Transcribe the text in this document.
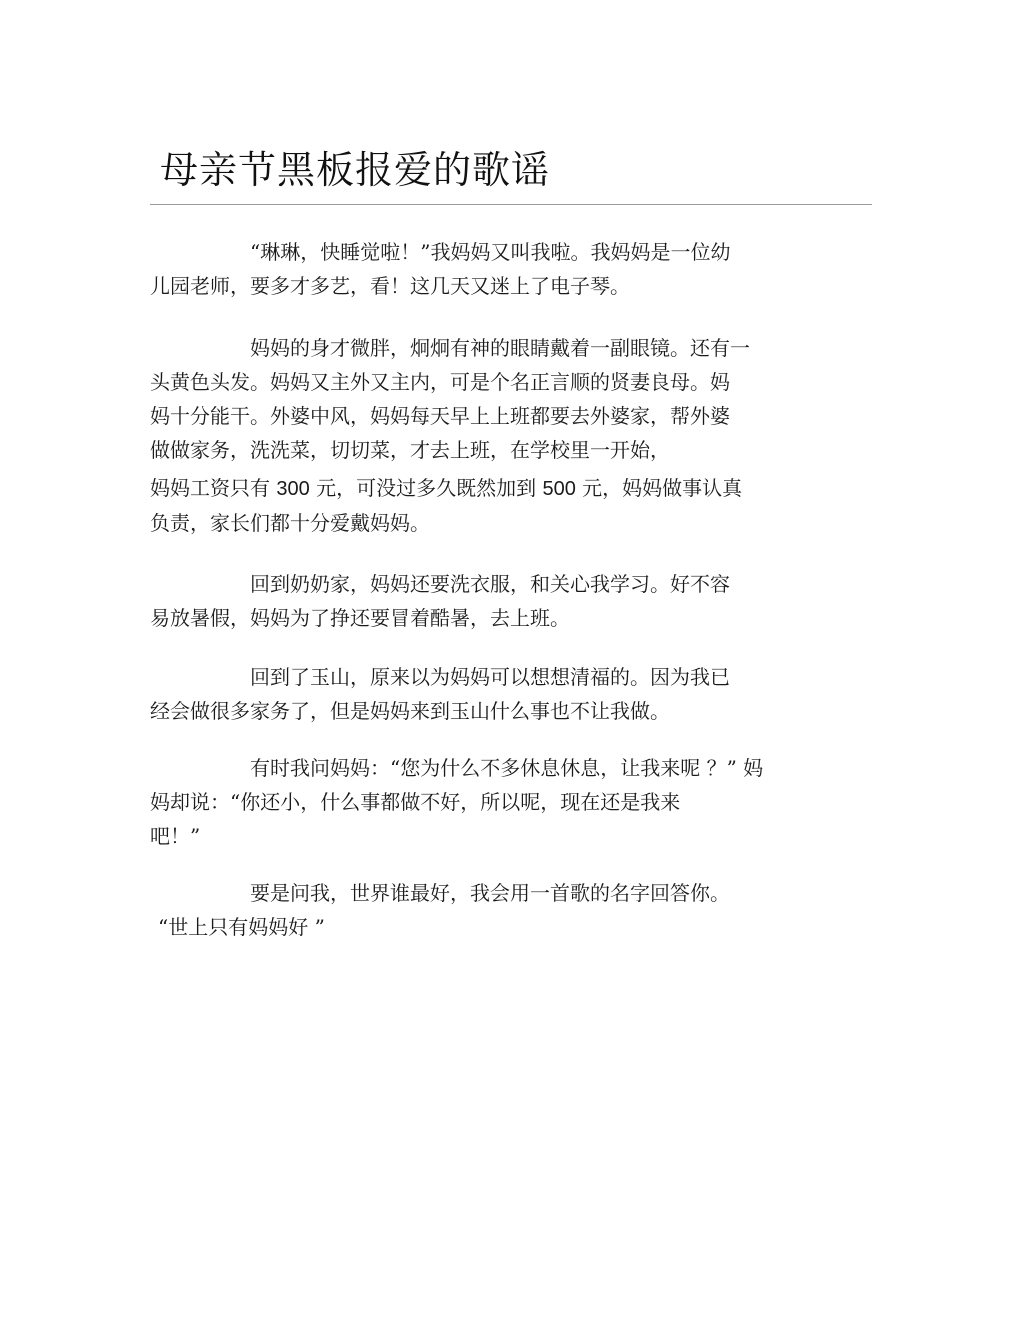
母亲节黑板报爱的歌谣

“琳琳，快睡觉啦！”我妈妈又叫我啦。我妈妈是一位幼
儿园老师，要多才多艺，看！这几天又迷上了电子琴。

妈妈的身才微胖，炯炯有神的眼睛戴着一副眼镜。还有一
头黄色头发。妈妈又主外又主内，可是个名正言顺的贤妻良母。妈
妈十分能干。外婆中风，妈妈每天早上上班都要去外婆家，帮外婆
做做家务，洗洗菜，切切菜，才去上班，在学校里一开始，
妈妈工资只有 300 元，可没过多久既然加到 500 元，妈妈做事认真
负责，家长们都十分爱戴妈妈。

回到奶奶家，妈妈还要洗衣服，和关心我学习。好不容
易放暑假，妈妈为了挣还要冒着酷暑，去上班。

回到了玉山，原来以为妈妈可以想想清福的。因为我已
经会做很多家务了，但是妈妈来到玉山什么事也不让我做。

有时我问妈妈：“您为什么不多休息休息，让我来呢 ？” 妈
妈却说：“你还小，什么事都做不好，所以呢，现在还是我来
吧！”

要是问我，世界谁最好，我会用一首歌的名字回答你。
“世上只有妈妈好 ”
